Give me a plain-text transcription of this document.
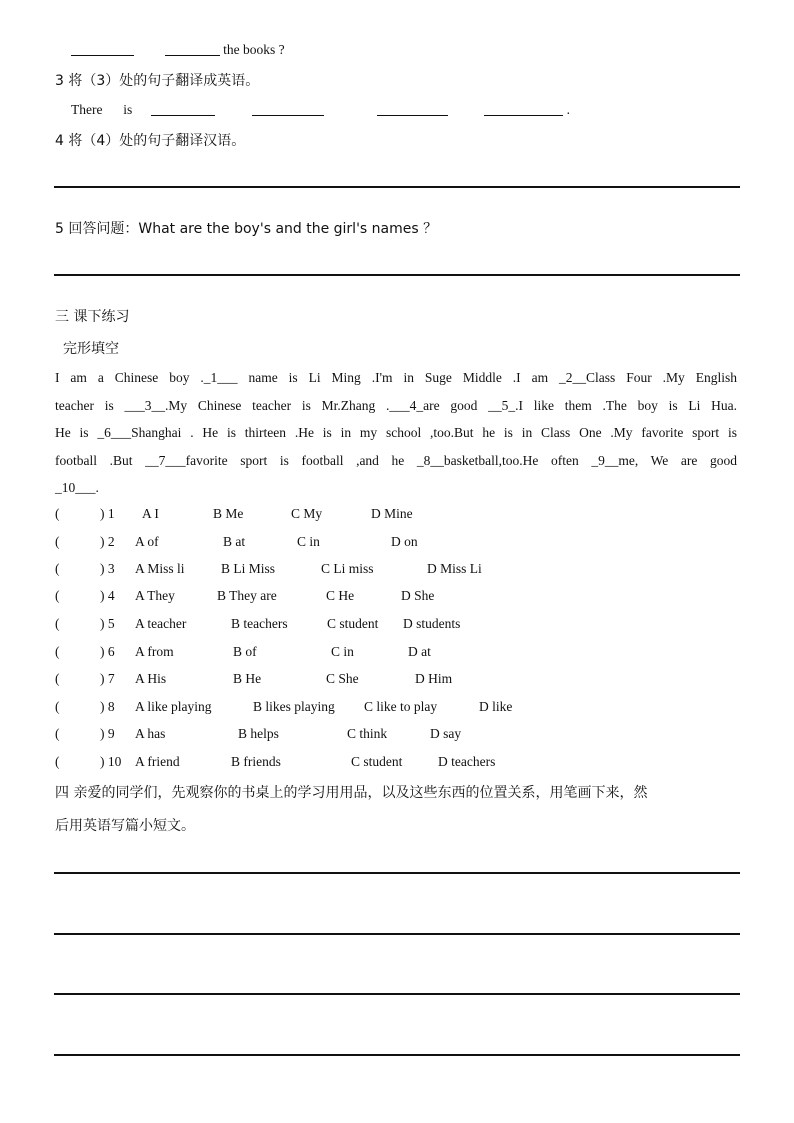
the books ?
3 将（3）处的句子翻译成英语。
There is	.
4 将（4）处的句子翻译汉语。
5 回答问题：What are the boy's and the girl's names ？
三 课下练习
完形填空

I am a Chinese boy ._1___ name is Li Ming .I'm in Suge Middle .I am _2__Class Four .My English

teacher is ___3__.My Chinese teacher is Mr.Zhang .___4_are good __5_.I like them .The boy is Li Hua.

He is _6___Shanghai . He is thirteen .He is in my school ,too.But he is in Class One .My favorite sport is

football .But __7___favorite sport is football ,and he _8__basketball,too.He often _9__me, We are good

_10___.

(	) 1 A I	B Me	C My	D Mine
(	) 2 A of	B at	C in	D on
(	) 3 A Miss li	B Li Miss	C Li miss	D Miss Li
(	) 4 A They	B They are	C He	D She
(	) 5 A teacher	B teachers	C student D students
(	) 6 A from	B of	C in	D at
(	) 7 A His	B He	C She	D Him
(	) 8 A like playing	B likes playing C like to play	D like
(	) 9 A has	B helps	C think	D say
(	) 10 A friend	B friends	C student	D teachers
四 亲爱的同学们，先观察你的书桌上的学习用用品，以及这些东西的位置关系，用笔画下来，然
后用英语写篇小短文。
